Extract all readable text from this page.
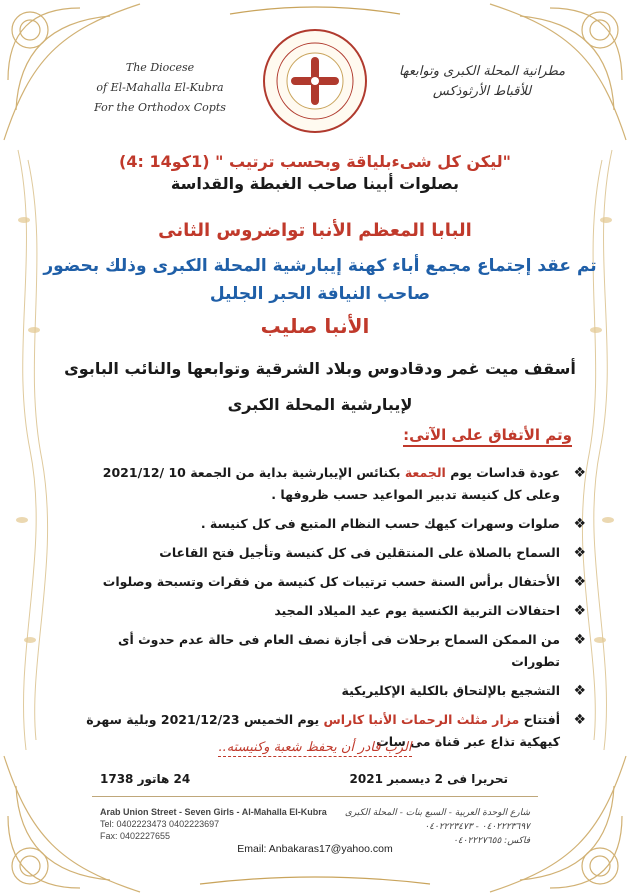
The Diocese
of El-Mahalla El-Kubra
For the Orthodox Copts
مطرانية المحلة الكبرى وتوابعها
للأقباط الأرثوذكس
"ليكن كل شىءبلياقة وبحسب ترتيب " (1كو14 :4)
بصلوات أبينا صاحب الغبطة والقداسة
البابا المعظم الأنبا تواضروس الثانى
تم عقد إجتماع مجمع أباء كهنة إيبارشية المحلة الكبرى وذلك بحضور
صاحب النيافة الحبر الجليل
الأنبا صليب
أسقف ميت غمر ودقادوس وبلاد الشرقية وتوابعها والنائب البابوى
لإيبارشية المحلة الكبرى
وتم الأتفاق على الآتى:
❖
عودة قداسات يوم الجمعة بكنائس الإيبارشية بداية من الجمعة 10 /2021/12 وعلى كل كنيسة تدبير المواعيد حسب ظروفها .
❖
صلوات وسهرات كيهك حسب النظام المتبع فى كل كنيسة .
❖
السماح بالصلاة على المنتقلين فى كل كنيسة وتأجيل فتح القاعات
❖
الأحتفال برأس السنة حسب ترتيبات كل كنيسة من فقرات وتسبحة وصلوات
❖
احتفالات التربية الكنسية يوم عيد الميلاد المجيد
❖
من الممكن السماح برحلات فى أجازة نصف العام فى حالة عدم حدوث أى تطورات
❖
التشجيع بالإلتحاق بالكلية الإكليريكية
❖
أفتتاح مزار مثلث الرحمات الأنبا كاراس يوم الخميس 2021/12/23 وبلية سهرة كيهكية تذاع عبر قناة مى سات
الرب قادر أن يحفظ شعبة وكنيسته..
تحريرا فى 2 ديسمبر 2021
24 هاتور 1738
Arab Union Street - Seven Girls - Al-Mahalla El-Kubra
Tel: 0402223473 0402223697
Fax: 0402227655
شارع الوحدة العربية - السبع بنات - المحلة الكبرى
٠٤٠٢٢٢٣٦٩٧ - ٠٤٠٢٢٢٣٤٧٣
فاكس: ٠٤٠٢٢٢٧٦٥٥
Email: Anbakaras17@yahoo.com
